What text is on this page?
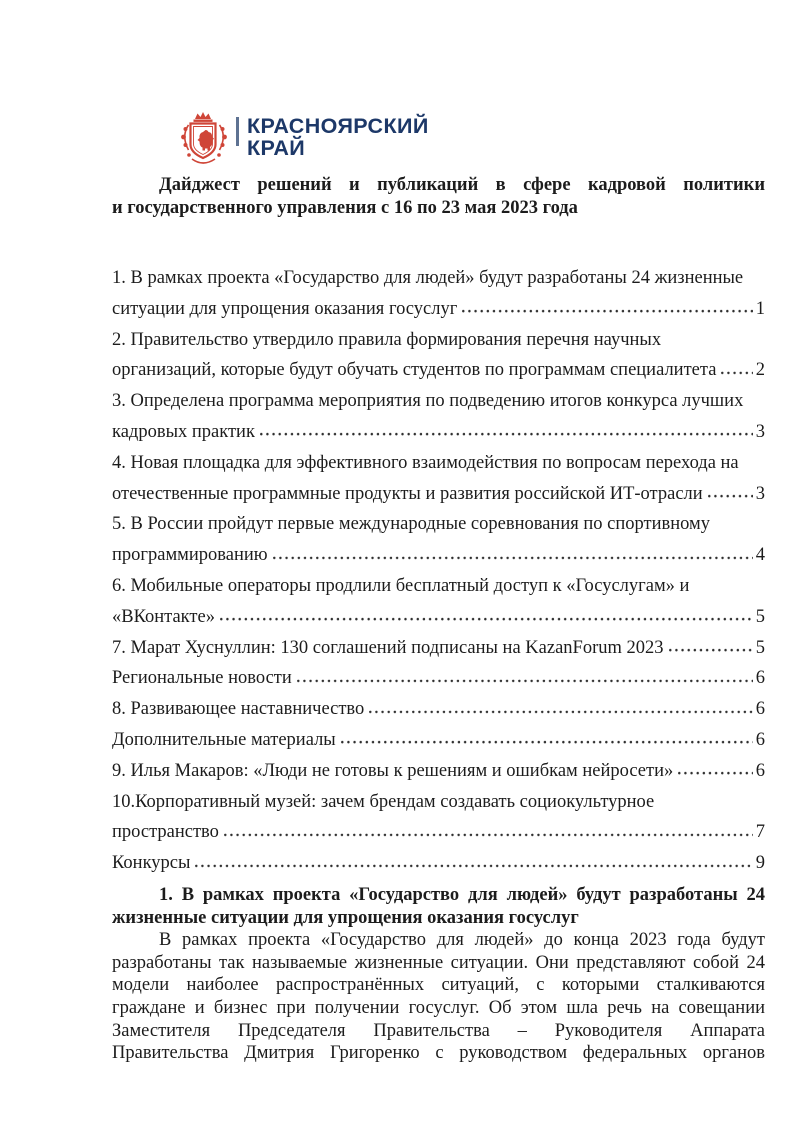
КРАСНОЯРСКИЙ
КРАЙ
Дайджест решений и публикаций в сфере кадровой политики
и государственного управления с 16 по 23 мая 2023 года
1. В рамках проекта «Государство для людей» будут разработаны 24 жизненные
ситуации для упрощения оказания госуслуг	1
2. Правительство утвердило правила формирования перечня научных
организаций, которые будут обучать студентов по программам специалитета 2
3. Определена программа мероприятия по подведению итогов конкурса лучших
кадровых практик	3
4. Новая площадка для эффективного взаимодействия по вопросам перехода на
отечественные программные продукты и развития российской ИТ-отрасли	3
5. В России пройдут первые международные соревнования по спортивному
программированию	4
6. Мобильные операторы продлили бесплатный доступ к «Госуслугам» и
«ВКонтакте»	5
7. Марат Хуснуллин: 130 соглашений подписаны на KazanForum 2023	5
Региональные новости	6
8. Развивающее наставничество	6
Дополнительные материалы	6
9. Илья Макаров: «Люди не готовы к решениям и ошибкам нейросети»	6
10.Корпоративный музей: зачем брендам создавать социокультурное
пространство	7
Конкурсы	9
1. В рамках проекта «Государство для людей» будут разработаны 24
жизненные ситуации для упрощения оказания госуслуг
В рамках проекта «Государство для людей» до конца 2023 года будут
разработаны так называемые жизненные ситуации. Они представляют собой 24
модели наиболее распространённых ситуаций, с которыми сталкиваются
граждане и бизнес при получении госуслуг. Об этом шла речь на совещании
Заместителя Председателя Правительства – Руководителя Аппарата
Правительства Дмитрия Григоренко с руководством федеральных органов
